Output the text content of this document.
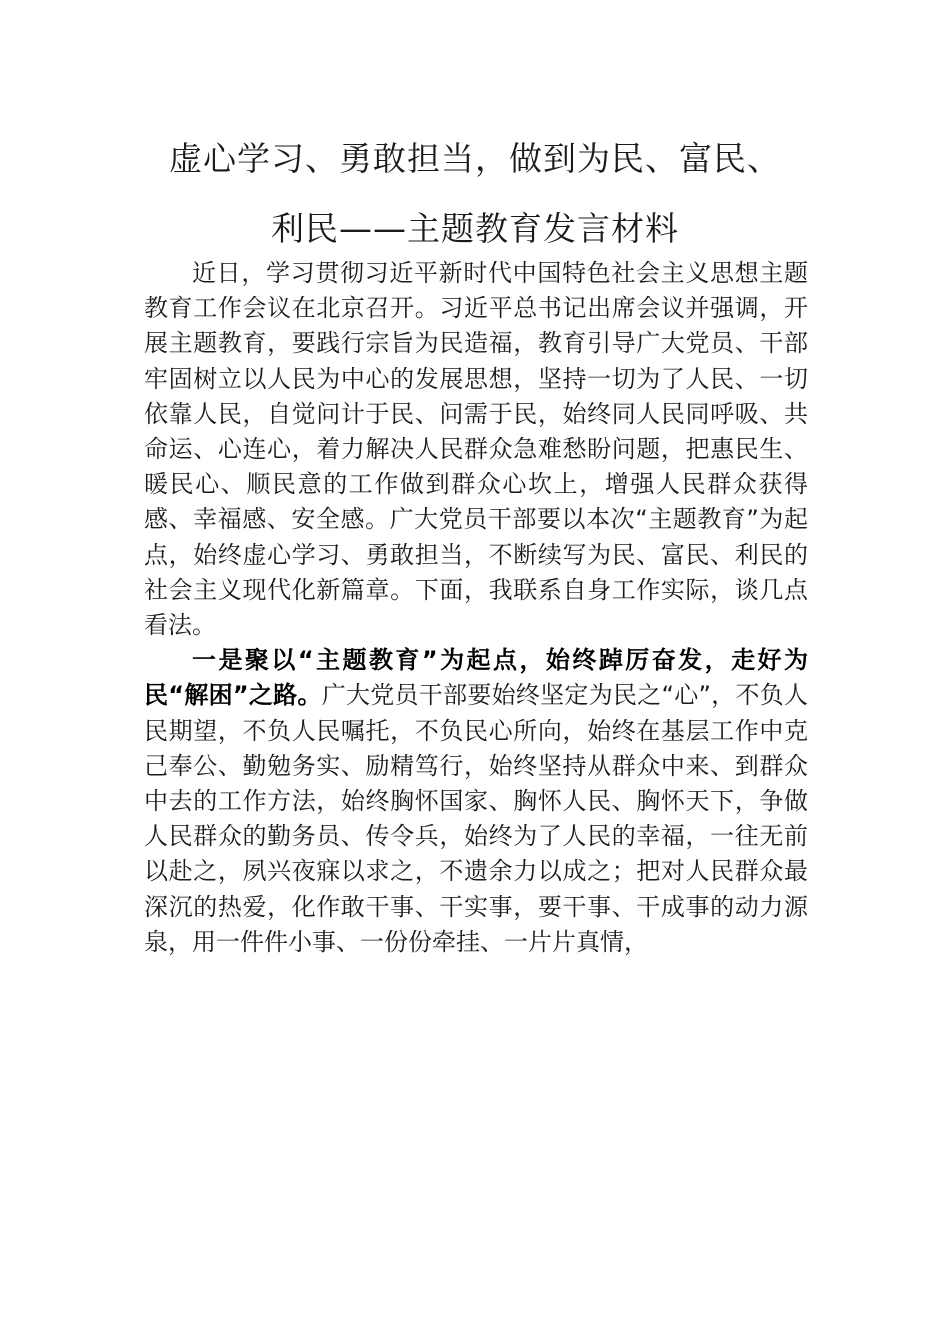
虚心学习、勇敢担当，做到为民、富民、
利民——主题教育发言材料

近日，学习贯彻习近平新时代中国特色社会主义思想主题教育工作会议在北京召开。习近平总书记出席会议并强调，开展主题教育，要践行宗旨为民造福，教育引导广大党员、干部牢固树立以人民为中心的发展思想，坚持一切为了人民、一切依靠人民，自觉问计于民、问需于民，始终同人民同呼吸、共命运、心连心，着力解决人民群众急难愁盼问题，把惠民生、暖民心、顺民意的工作做到群众心坎上，增强人民群众获得感、幸福感、安全感。广大党员干部要以本次“主题教育”为起点，始终虚心学习、勇敢担当，不断续写为民、富民、利民的社会主义现代化新篇章。下面，我联系自身工作实际，谈几点看法。

一是聚以“主题教育”为起点，始终踔厉奋发，走好为民“解困”之路。广大党员干部要始终坚定为民之“心”，不负人民期望，不负人民嘱托，不负民心所向，始终在基层工作中克己奉公、勤勉务实、励精笃行，始终坚持从群众中来、到群众中去的工作方法，始终胸怀国家、胸怀人民、胸怀天下，争做人民群众的勤务员、传令兵，始终为了人民的幸福，一往无前以赴之，夙兴夜寐以求之，不遗余力以成之；把对人民群众最深沉的热爱，化作敢干事、干实事，要干事、干成事的动力源泉，用一件件小事、一份份牵挂、一片片真情，
